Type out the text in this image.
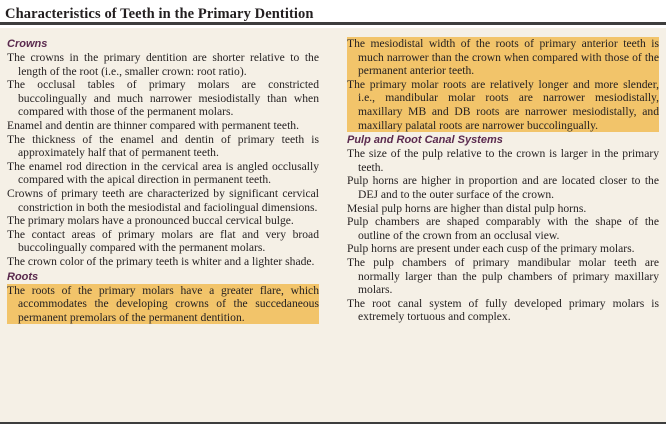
Characteristics of Teeth in the Primary Dentition
Crowns

The crowns in the primary dentition are shorter relative to the length of the root (i.e., smaller crown: root ratio).

The occlusal tables of primary molars are constricted buccolingually and much narrower mesiodistally than when compared with those of the permanent molars.

Enamel and dentin are thinner compared with permanent teeth.

The thickness of the enamel and dentin of primary teeth is approximately half that of permanent teeth.

The enamel rod direction in the cervical area is angled occlusally compared with the apical direction in permanent teeth.

Crowns of primary teeth are characterized by significant cervical constriction in both the mesiodistal and faciolingual dimensions.

The primary molars have a pronounced buccal cervical bulge.

The contact areas of primary molars are flat and very broad buccolingually compared with the permanent molars.

The crown color of the primary teeth is whiter and a lighter shade.

Roots

The roots of the primary molars have a greater flare, which accommodates the developing crowns of the succedaneous permanent premolars of the permanent dentition.

The mesiodistal width of the roots of primary anterior teeth is much narrower than the crown when compared with those of the permanent anterior teeth.

The primary molar roots are relatively longer and more slender, i.e., mandibular molar roots are narrower mesiodistally, maxillary MB and DB roots are narrower mesiodistally, and maxillary palatal roots are narrower buccolingually.

Pulp and Root Canal Systems

The size of the pulp relative to the crown is larger in the primary teeth.

Pulp horns are higher in proportion and are located closer to the DEJ and to the outer surface of the crown.

Mesial pulp horns are higher than distal pulp horns.

Pulp chambers are shaped comparably with the shape of the outline of the crown from an occlusal view.

Pulp horns are present under each cusp of the primary molars.

The pulp chambers of primary mandibular molar teeth are normally larger than the pulp chambers of primary maxillary molars.

The root canal system of fully developed primary molars is extremely tortuous and complex.
